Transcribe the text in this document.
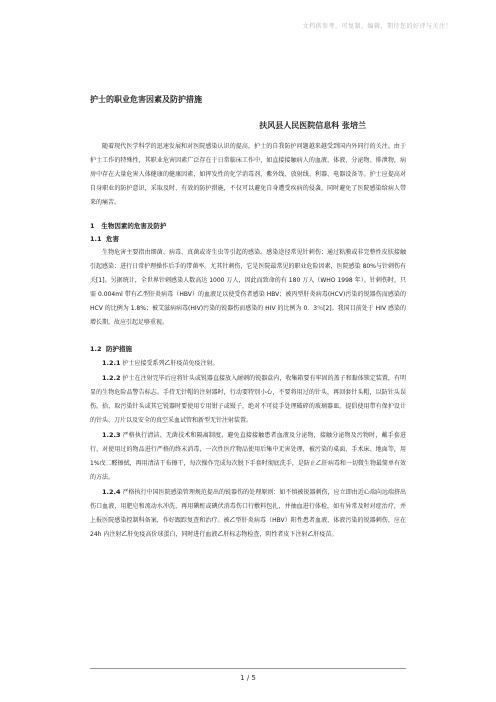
文档供参考，可复制、编辑，期待您的好评与关注！
护士的职业危害因素及防护措施
扶风县人民医院信息科 张培兰

随着现代医学科学的迅速发展和对医院感染认识的提高，护士的自我防护问题越来越受到国内外同行的关注。由于护士工作的特殊性，其职业危害因素广泛存在于日常临床工作中，如直接接触病人的血液、体液、分泌物、排泄物，病房中存在大量危害人体健康的健康因素，如挥发性的化学消毒剂、紫外线、放射线、利器、电器设备等。护士应提高对自身职业的防护意识，采取及时、有效的防护措施，不仅可以避免自身遭受疾病的侵袭，同时避免了医院感染给病人带来的痛苦。

1 生物因素的危害及防护
1.1 危害

生物危害主要指由细菌、病毒、真菌或寄生虫等引起的感染。感染途径常见针刺伤；通过粘膜或非完整性皮肤接触引起感染；进行日常护理操作后手的带菌率。尤其针刺伤，它是医院最常见的职业危险因素，医院感染 80%与针刺伤有关[1]。另据统计，全世界针刺感染人数高达 1000 万人，因此而致命的有 180 万人（WHO 1998 年）。针刺伤时，只需 0.004ml 带有乙型肝炎病毒（HBV）的血液足以使受伤者感染 HBV；被丙型肝炎病毒(HCV)污染的锐器伤而感染的 HCV 的比例为 1.8%；被艾滋病病毒(HIV)污染的锐器伤而感染的 HIV 的比例为 0．3％[2]。我国目前处于 HIV 感染的增长期，故应引起足够重视。

1.2 防护措施

1.2.1 护士应接受系列乙肝疫苗免疫注射。

1.2.2 护士在注射完毕后应将针头或锐器直接放入耐刺的锐器盒内，收集箱要有牢固的盖子和黏体锁定装置，有明显的生物危险品警告标志。手持无针帽的注射器时，行动要特别小心，不要将用过的针头，再回套针头帽，以防针头误伤。拾、取污染针头或其它锐器时要使用专用钳子或镊子，绝对不可徒手处理破碎的玻璃器皿。提倡使用带有保护设计的针头、刀片以及安全的真空采血试管和新型无针注射装置。

1.2.3 严格执行清洁、无菌技术和隔离制度，避免直接接触患者血液及分泌物，接触分泌物及污物时，戴手套进行，对使用过的物品进行严格的终末消毒，一次性医疗物品使用后集中无害处理，被污染的桌面、手术床、地面等，用 1%戊二醛擦拭，再用清洁干布擦干，每次操作完成每次脱下手套时彻底洗手，是防止乙肝病毒和一切微生物最简单有效的方法。

1.2.4 严格执行中国医院感染管理规范提出的锐器伤的处理原则：如不慎被锐器刺伤，应立即由近心端向远端挤出伤口血液，用肥皂和流动水冲洗，再用碘酊或碘伏消毒伤口行敷料包扎，并抽血进行体检，如有异常及时对症治疗，并上报医院感染控制科备案，作好跟踪复查和治疗。被乙型肝炎病毒（HBV）阳性患者血液、体液污染的锐器刺伤，应在 24h 内注射乙肝免疫高价球蛋白，同时进行血液乙肝标志物检查，阴性者皮下注射乙肝疫苗。

1 / 5
